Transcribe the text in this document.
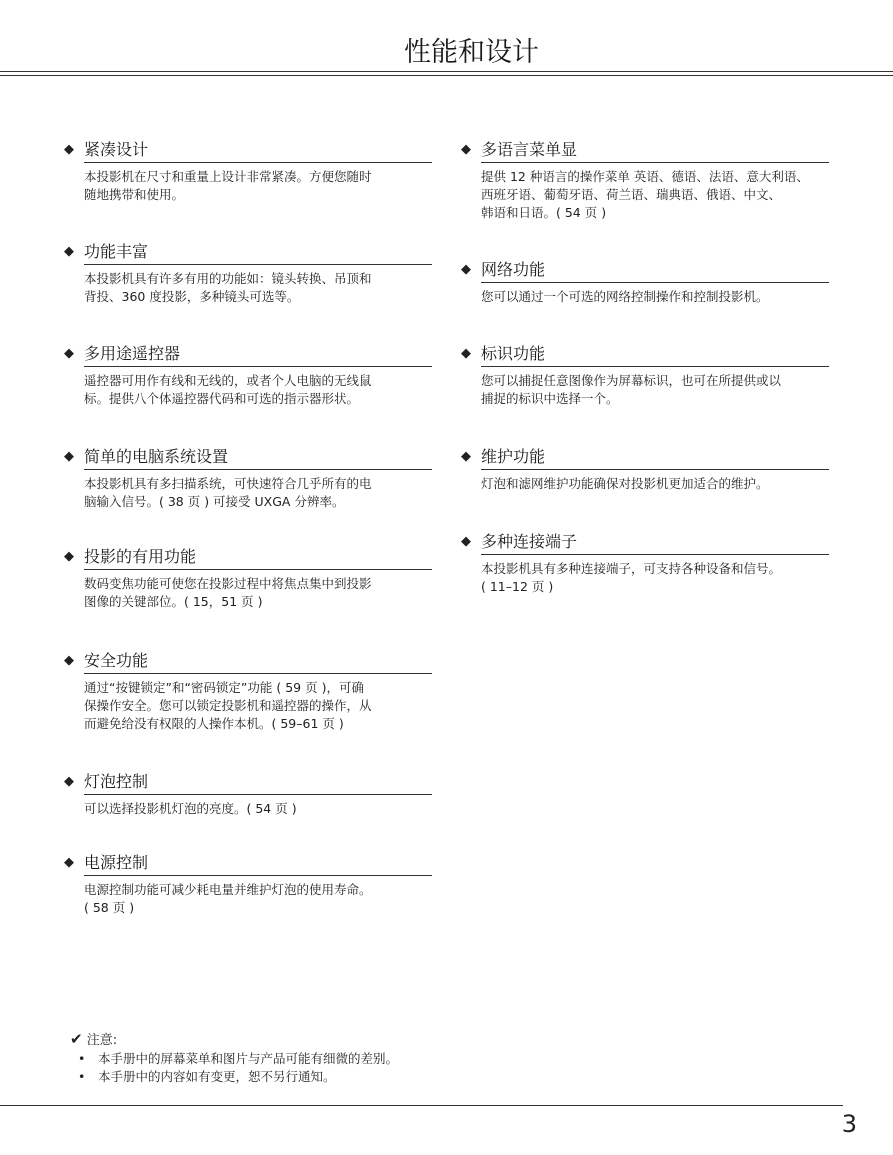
性能和设计
◆ 紧凑设计
本投影机在尺寸和重量上设计非常紧凑。方便您随时
随地携带和使用。
◆ 功能丰富
本投影机具有许多有用的功能如：镜头转换、吊顶和
背投、360 度投影，多种镜头可选等。
◆ 多用途遥控器
遥控器可用作有线和无线的，或者个人电脑的无线鼠
标。提供八个体遥控器代码和可选的指示器形状。
◆ 简单的电脑系统设置
本投影机具有多扫描系统，可快速符合几乎所有的电
脑输入信号。( 38 页 ) 可接受 UXGA 分辨率。
◆ 投影的有用功能
数码变焦功能可使您在投影过程中将焦点集中到投影
图像的关键部位。( 15，51 页 )
◆ 安全功能
通过“按键锁定”和“密码锁定”功能 ( 59 页 )，可确
保操作安全。您可以锁定投影机和遥控器的操作，从
而避免给没有权限的人操作本机。( 59–61 页 )
◆ 灯泡控制
可以选择投影机灯泡的亮度。( 54 页 )
◆ 电源控制
电源控制功能可减少耗电量并维护灯泡的使用寿命。
( 58 页 )
◆ 多语言菜单显
提供 12 种语言的操作菜单 英语、德语、法语、意大利语、
西班牙语、葡萄牙语、荷兰语、瑞典语、俄语、中文、
韩语和日语。( 54 页 )
◆ 网络功能
您可以通过一个可选的网络控制操作和控制投影机。
◆ 标识功能
您可以捕捉任意图像作为屏幕标识，也可在所提供或以
捕捉的标识中选择一个。
◆ 维护功能
灯泡和滤网维护功能确保对投影机更加适合的维护。
◆ 多种连接端子
本投影机具有多种连接端子，可支持各种设备和信号。
( 11–12 页 )
✔ 注意:
• 本手册中的屏幕菜单和图片与产品可能有细微的差别。
• 本手册中的内容如有变更，恕不另行通知。
3
